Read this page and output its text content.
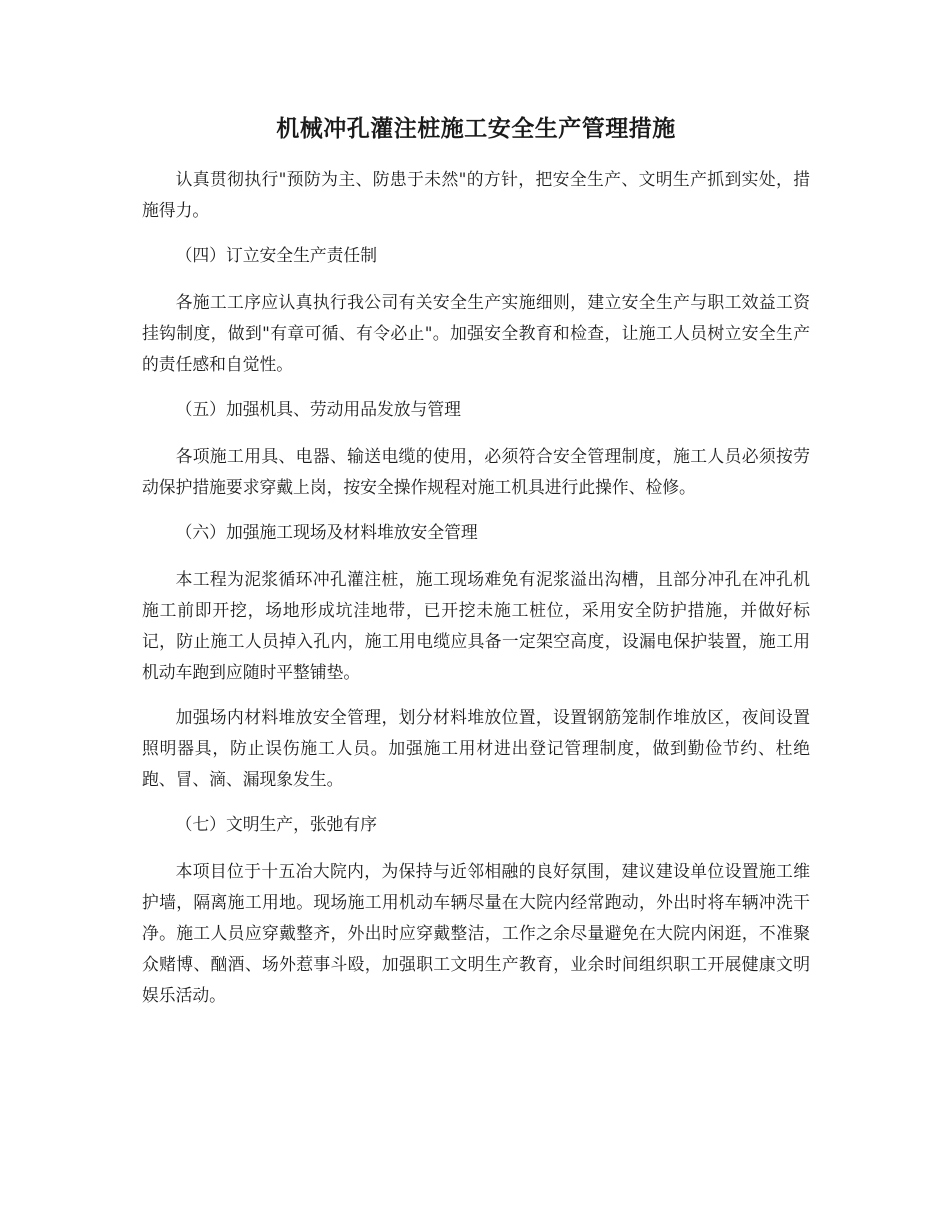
机械冲孔灌注桩施工安全生产管理措施

认真贯彻执行"预防为主、防患于未然"的方针，把安全生产、文明生产抓到实处，措施得力。

（四）订立安全生产责任制

各施工工序应认真执行我公司有关安全生产实施细则，建立安全生产与职工效益工资挂钩制度，做到"有章可循、有令必止"。加强安全教育和检查，让施工人员树立安全生产的责任感和自觉性。

（五）加强机具、劳动用品发放与管理

各项施工用具、电器、输送电缆的使用，必须符合安全管理制度，施工人员必须按劳动保护措施要求穿戴上岗，按安全操作规程对施工机具进行此操作、检修。

（六）加强施工现场及材料堆放安全管理

本工程为泥浆循环冲孔灌注桩，施工现场难免有泥浆溢出沟槽，且部分冲孔在冲孔机施工前即开挖，场地形成坑洼地带，已开挖未施工桩位，采用安全防护措施，并做好标记，防止施工人员掉入孔内，施工用电缆应具备一定架空高度，设漏电保护装置，施工用机动车跑到应随时平整铺垫。

加强场内材料堆放安全管理，划分材料堆放位置，设置钢筋笼制作堆放区，夜间设置照明器具，防止误伤施工人员。加强施工用材进出登记管理制度，做到勤俭节约、杜绝跑、冒、滴、漏现象发生。

（七）文明生产，张弛有序

本项目位于十五冶大院内，为保持与近邻相融的良好氛围，建议建设单位设置施工维护墙，隔离施工用地。现场施工用机动车辆尽量在大院内经常跑动，外出时将车辆冲洗干净。施工人员应穿戴整齐，外出时应穿戴整洁，工作之余尽量避免在大院内闲逛，不准聚众赌博、酗酒、场外惹事斗殴，加强职工文明生产教育，业余时间组织职工开展健康文明娱乐活动。
